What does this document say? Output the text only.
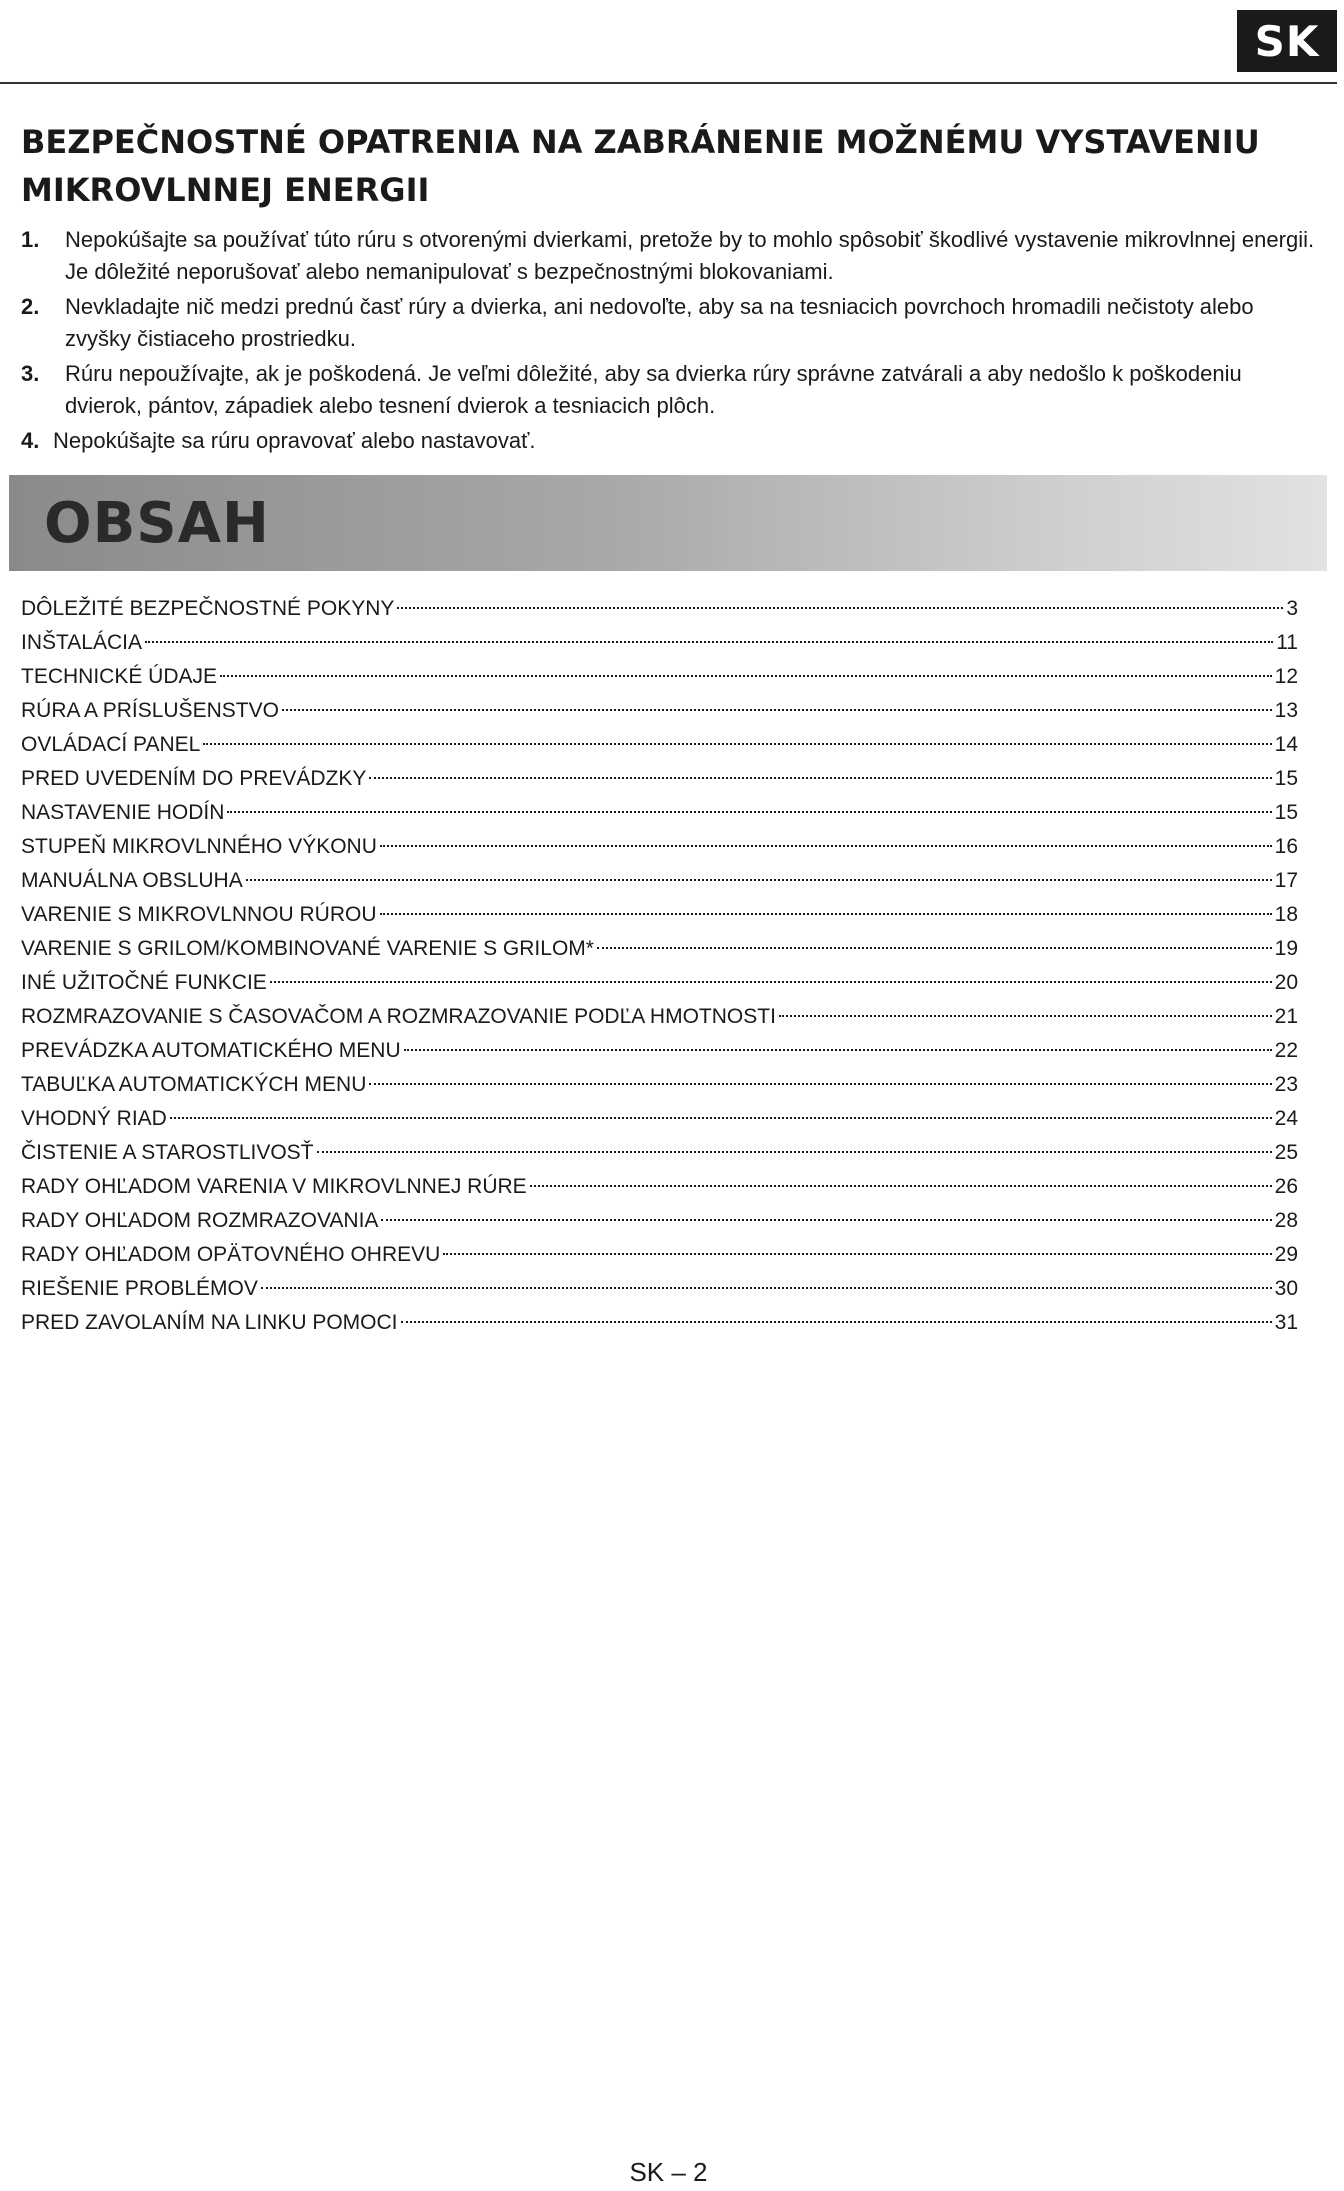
SK
BEZPEČNOSTNÉ OPATRENIA NA ZABRÁNENIE MOŽNÉMU VYSTAVENIU MIKROVLNNEJ ENERGII
1. Nepokúšajte sa používať túto rúru s otvorenými dvierkami, pretože by to mohlo spôsobiť škodlivé vystavenie mikrovlnnej energii. Je dôležité neporušovať alebo nemanipulovať s bezpečnostnými blokovaniami.
2. Nevkladajte nič medzi prednú časť rúry a dvierka, ani nedovoľte, aby sa na tesniacich povrchoch hromadili nečistoty alebo zvyšky čistiaceho prostriedku.
3. Rúru nepoužívajte, ak je poškodená. Je veľmi dôležité, aby sa dvierka rúry správne zatvárali a aby nedošlo k poškodeniu dvierok, pántov, západiek alebo tesnení dvierok a tesniacich plôch.
4. Nepokúšajte sa rúru opravovať alebo nastavovať.
OBSAH
DÔLEŽITÉ BEZPEČNOSTNÉ POKYNY	3
INŠTALÁCIA	11
TECHNICKÉ ÚDAJE	12
RÚRA A PRÍSLUŠENSTVO	13
OVLÁDACÍ PANEL	14
PRED UVEDENÍM DO PREVÁDZKY	15
NASTAVENIE HODÍN	15
STUPEŇ MIKROVLNNÉHO VÝKONU	16
MANUÁLNA OBSLUHA	17
VARENIE S MIKROVLNNOU RÚROU	18
VARENIE S GRILOM/KOMBINOVANÉ VARENIE S GRILOM*	19
INÉ UŽITOČNÉ FUNKCIE	20
ROZMRAZOVANIE S ČASOVAČOM A ROZMRAZOVANIE PODĽA HMOTNOSTI	21
PREVÁDZKA AUTOMATICKÉHO MENU	22
TABUĽKA AUTOMATICKÝCH MENU	23
VHODNÝ RIAD	24
ČISTENIE A STAROSTLIVOSŤ	25
RADY OHĽADOM VARENIA V MIKROVLNNEJ RÚRE	26
RADY OHĽADOM ROZMRAZOVANIA	28
RADY OHĽADOM OPÄTOVNÉHO OHREVU	29
RIEŠENIE PROBLÉMOV	30
PRED ZAVOLANÍM NA LINKU POMOCI	31
SK – 2
